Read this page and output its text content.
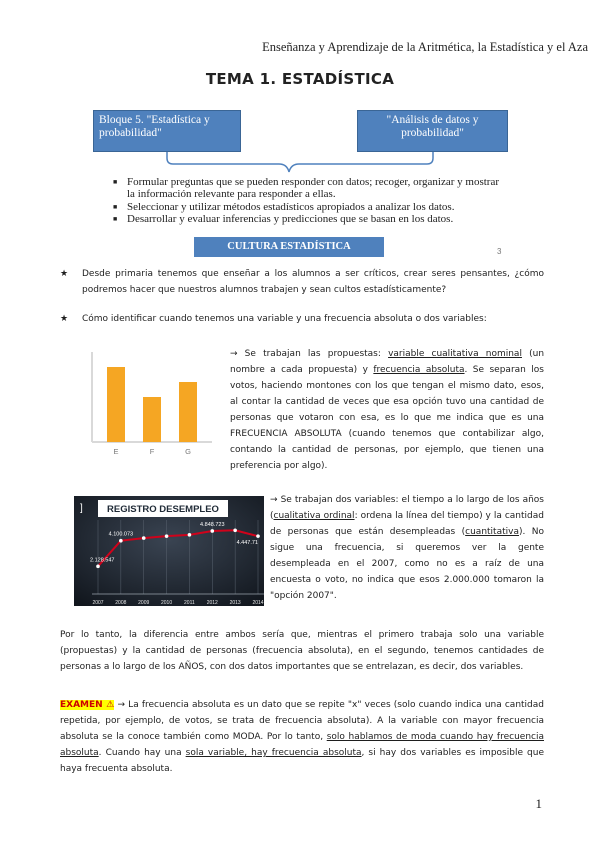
Enseñanza y Aprendizaje de la Aritmética, la Estadística y el Aza
TEMA 1. ESTADÍSTICA
Bloque 5. "Estadística y probabilidad"
"Análisis de datos y probabilidad"
■ Formular preguntas que se pueden responder con datos; recoger, organizar y mostrar la información relevante para responder a ellas.
■ Seleccionar y utilizar métodos estadísticos apropiados a analizar los datos.
■ Desarrollar y evaluar inferencias y predicciones que se basan en los datos.
CULTURA ESTADÍSTICA	3
★	Desde primaria tenemos que enseñar a los alumnos a ser críticos, crear seres pensantes, ¿cómo podremos hacer que nuestros alumnos trabajen y sean cultos estadísticamente?
★	Cómo identificar cuando tenemos una variable y una frecuencia absoluta o dos variables:
E	F	G
→ Se trabajan las propuestas: variable cualitativa nominal (un nombre a cada propuesta) y frecuencia absoluta. Se separan los votos, haciendo montones con los que tengan el mismo dato, esos, al contar la cantidad de veces que esa opción tuvo una cantidad de personas que votaron con esa, es lo que me indica que es una FRECUENCIA ABSOLUTA (cuando tenemos que contabilizar algo, contando la cantidad de personas, por ejemplo, que tienen una preferencia por algo).
]	REGISTRO DESEMPLEO
2007 2008 2009 2010 2011 2012 2013 2014
2.128.547
4.100.073
4.848.723
4.447.71
→ Se trabajan dos variables: el tiempo a lo largo de los años (cualitativa ordinal: ordena la línea del tiempo) y la cantidad de personas que están desempleadas (cuantitativa). No sigue una frecuencia, si queremos ver la gente desempleada en el 2007, como no es a raíz de una encuesta o voto, no indica que esos 2.000.000 tomaron la "opción 2007".
Por lo tanto, la diferencia entre ambos sería que, mientras el primero trabaja solo una variable (propuestas) y la cantidad de personas (frecuencia absoluta), en el segundo, tenemos cantidades de personas a lo largo de los AÑOS, con dos datos importantes que se entrelazan, es decir, dos variables.
EXAMEN ⚠ → La frecuencia absoluta es un dato que se repite "x" veces (solo cuando indica una cantidad repetida, por ejemplo, de votos, se trata de frecuencia absoluta). A la variable con mayor frecuencia absoluta se la conoce también como MODA. Por lo tanto, solo hablamos de moda cuando hay frecuencia absoluta. Cuando hay una sola variable, hay frecuencia absoluta, si hay dos variables es imposible que haya frecuenta absoluta.
1
